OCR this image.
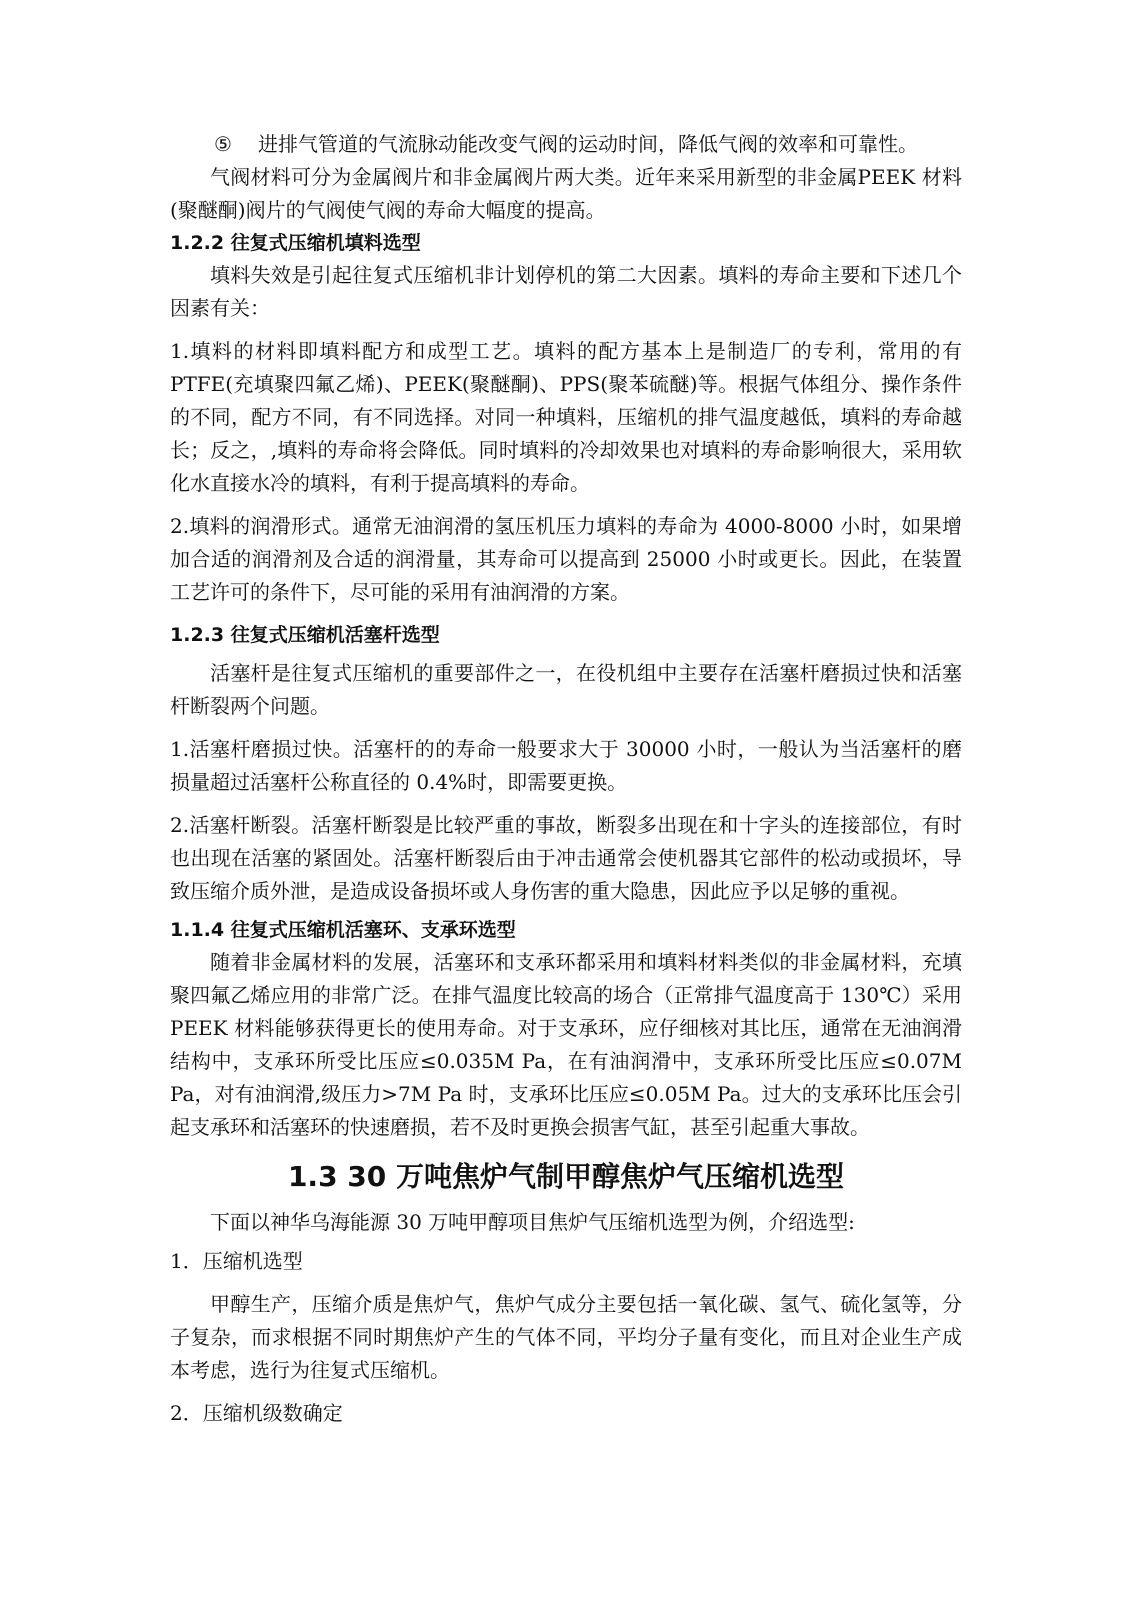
⑤	进排气管道的气流脉动能改变气阀的运动时间，降低气阀的效率和可靠性。

气阀材料可分为金属阀片和非金属阀片两大类。近年来采用新型的非金属PEEK 材料(聚醚酮)阀片的气阀使气阀的寿命大幅度的提高。

1.2.2 往复式压缩机填料选型

填料失效是引起往复式压缩机非计划停机的第二大因素。填料的寿命主要和下述几个因素有关：

1.填料的材料即填料配方和成型工艺。填料的配方基本上是制造厂的专利，常用的有 PTFE(充填聚四氟乙烯)、PEEK(聚醚酮)、PPS(聚苯硫醚)等。根据气体组分、操作条件的不同，配方不同，有不同选择。对同一种填料，压缩机的排气温度越低，填料的寿命越长；反之，,填料的寿命将会降低。同时填料的冷却效果也对填料的寿命影响很大，采用软化水直接水冷的填料，有利于提高填料的寿命。

2.填料的润滑形式。通常无油润滑的氢压机压力填料的寿命为 4000-8000 小时，如果增加合适的润滑剂及合适的润滑量，其寿命可以提高到 25000 小时或更长。因此，在装置工艺许可的条件下，尽可能的采用有油润滑的方案。

1.2.3 往复式压缩机活塞杆选型

活塞杆是往复式压缩机的重要部件之一，在役机组中主要存在活塞杆磨损过快和活塞杆断裂两个问题。

1.活塞杆磨损过快。活塞杆的的寿命一般要求大于 30000 小时，一般认为当活塞杆的磨损量超过活塞杆公称直径的 0.4%时，即需要更换。

2.活塞杆断裂。活塞杆断裂是比较严重的事故，断裂多出现在和十字头的连接部位，有时也出现在活塞的紧固处。活塞杆断裂后由于冲击通常会使机器其它部件的松动或损坏，导致压缩介质外泄，是造成设备损坏或人身伤害的重大隐患，因此应予以足够的重视。

1.1.4 往复式压缩机活塞环、支承环选型

随着非金属材料的发展，活塞环和支承环都采用和填料材料类似的非金属材料，充填聚四氟乙烯应用的非常广泛。在排气温度比较高的场合（正常排气温度高于 130℃）采用 PEEK 材料能够获得更长的使用寿命。对于支承环，应仔细核对其比压，通常在无油润滑结构中，支承环所受比压应≤0.035M Pa，在有油润滑中，支承环所受比压应≤0.07M Pa，对有油润滑,级压力>7M Pa 时，支承环比压应≤0.05M Pa。过大的支承环比压会引起支承环和活塞环的快速磨损，若不及时更换会损害气缸，甚至引起重大事故。

1.3 30 万吨焦炉气制甲醇焦炉气压缩机选型

下面以神华乌海能源 30 万吨甲醇项目焦炉气压缩机选型为例，介绍选型:

1．压缩机选型

甲醇生产，压缩介质是焦炉气，焦炉气成分主要包括一氧化碳、氢气、硫化氢等，分子复杂，而求根据不同时期焦炉产生的气体不同，平均分子量有变化，而且对企业生产成本考虑，选行为往复式压缩机。

2．压缩机级数确定
